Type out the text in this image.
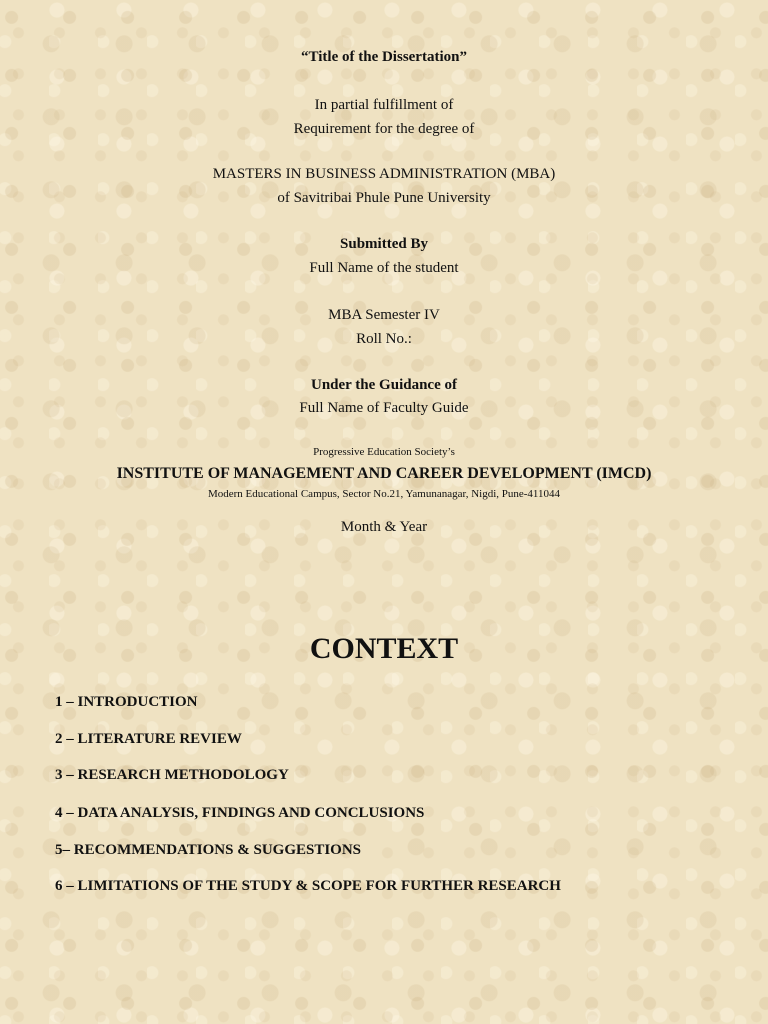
“Title of the Dissertation”
In partial fulfillment of
Requirement for the degree of
MASTERS IN BUSINESS ADMINISTRATION (MBA)
of Savitribai Phule Pune University
Submitted By
Full Name of the student
MBA Semester IV
Roll No.:
Under the Guidance of
Full Name of Faculty Guide
Progressive Education Society’s
INSTITUTE OF MANAGEMENT AND CAREER DEVELOPMENT (IMCD)
Modern Educational Campus, Sector No.21, Yamunanagar, Nigdi, Pune-411044
Month & Year
CONTEXT
1 – INTRODUCTION
2 – LITERATURE REVIEW
3 – RESEARCH METHODOLOGY
4 – DATA ANALYSIS, FINDINGS AND CONCLUSIONS
5– RECOMMENDATIONS & SUGGESTIONS
6 – LIMITATIONS OF THE STUDY & SCOPE FOR FURTHER RESEARCH
